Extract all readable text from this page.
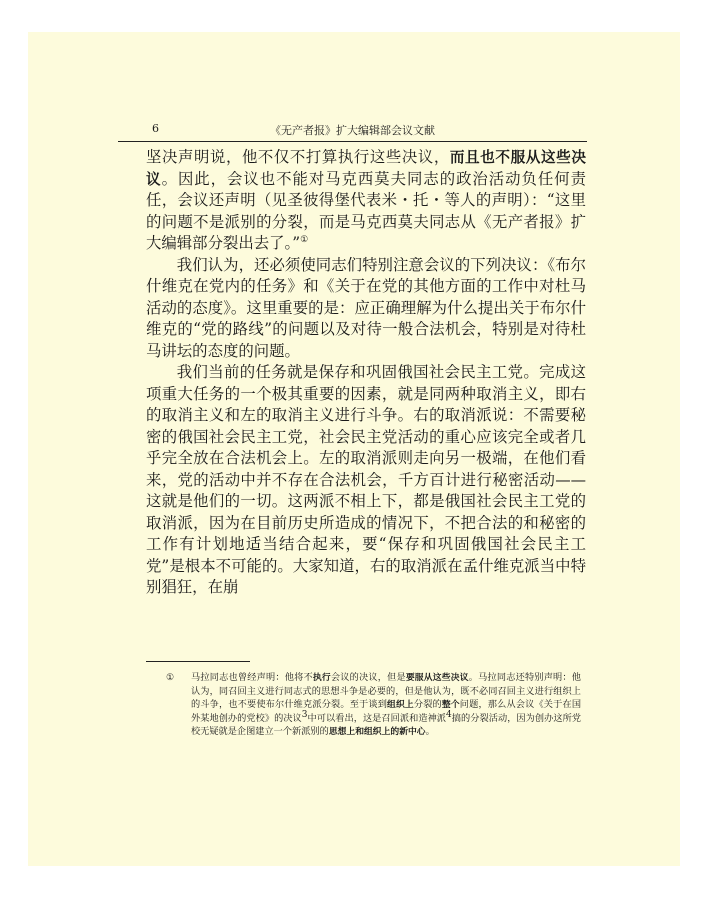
6	《无产者报》扩大编辑部会议文献

坚决声明说，他不仅不打算执行这些决议，而且也不服从这些决议。因此，会议也不能对马克西莫夫同志的政治活动负任何责任，会议还声明（见圣彼得堡代表米・托・等人的声明）：“这里的问题不是派别的分裂，而是马克西莫夫同志从《无产者报》扩大编辑部分裂出去了。”①

我们认为，还必须使同志们特别注意会议的下列决议：《布尔什维克在党内的任务》和《关于在党的其他方面的工作中对杜马活动的态度》。这里重要的是：应正确理解为什么提出关于布尔什维克的“党的路线”的问题以及对待一般合法机会，特别是对待杜马讲坛的态度的问题。

我们当前的任务就是保存和巩固俄国社会民主工党。完成这项重大任务的一个极其重要的因素，就是同两种取消主义，即右的取消主义和左的取消主义进行斗争。右的取消派说：不需要秘密的俄国社会民主工党，社会民主党活动的重心应该完全或者几乎完全放在合法机会上。左的取消派则走向另一极端，在他们看来，党的活动中并不存在合法机会，千方百计进行秘密活动—— 这就是他们的一切。这两派不相上下，都是俄国社会民主工党的取消派，因为在目前历史所造成的情况下，不把合法的和秘密的工作有计划地适当结合起来，要“保存和巩固俄国社会民主工党”是根本不可能的。大家知道，右的取消派在孟什维克派当中特别猖狂，在崩

① 马拉同志也曾经声明：他将不执行会议的决议，但是要服从这些决议。马拉同志还特别声明：他认为，同召回主义进行同志式的思想斗争是必要的，但是他认为，既不必同召回主义进行组织上的斗争，也不要使布尔什维克派分裂。至于谈到组织上分裂的整个问题，那么从会议《关于在国外某地创办的党校》的决议$^3$中可以看出，这是召回派和造神派$^4$搞的分裂活动，因为创办这所党校无疑就是企图建立一个新派别的思想上和组织上的新中心。
